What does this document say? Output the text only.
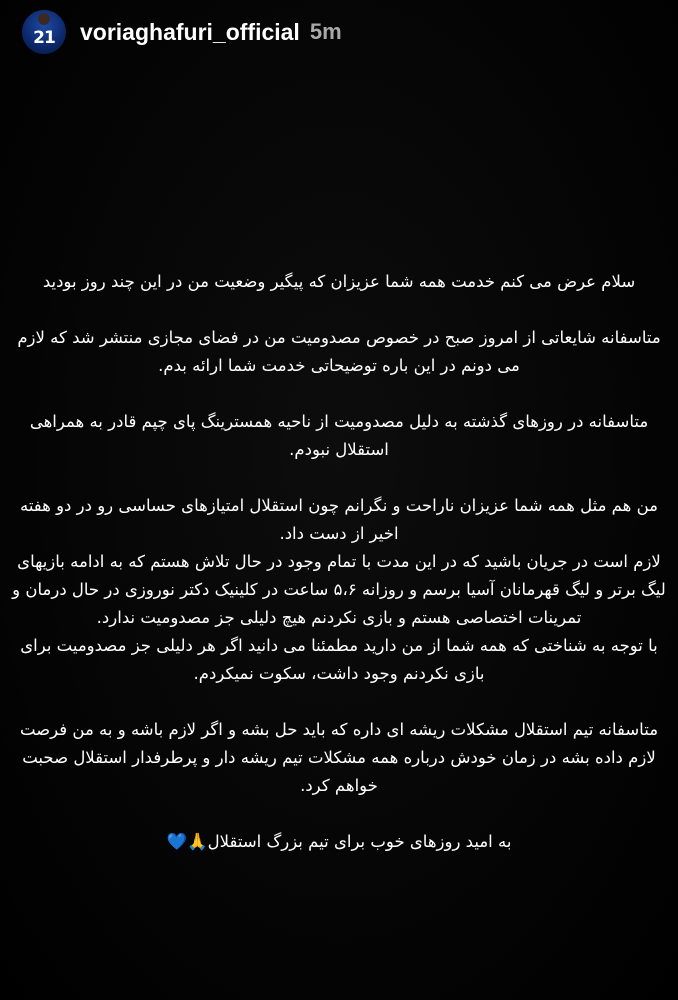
21	voriaghafuri_official 5m

سلام عرض می کنم خدمت همه شما عزیزان که پیگیر وضعیت من در این چند روز بودید

متاسفانه شایعاتی از امروز صبح در خصوص مصدومیت من در فضای مجازی منتشر شد که لازم می دونم در این باره توضیحاتی خدمت شما ارائه بدم.

متاسفانه در روزهای گذشته به دلیل مصدومیت از ناحیه همسترینگ پای چپم قادر به همراهی استقلال نبودم.

من هم مثل همه شما عزیزان ناراحت و نگرانم چون استقلال امتیازهای حساسی رو در دو هفته اخیر از دست داد.

لازم است در جریان باشید که در این مدت با تمام وجود در حال تلاش هستم که به ادامه بازیهای لیگ برتر و لیگ قهرمانان آسیا برسم و روزانه ۵،۶ ساعت در کلینیک دکتر نوروزی در حال درمان و تمرینات اختصاصی هستم و بازی نکردنم هیچ دلیلی جز مصدومیت ندارد.

با توجه به شناختی که همه شما از من دارید مطمئنا می دانید اگر هر دلیلی جز مصدومیت برای بازی نکردنم وجود داشت، سکوت نمیکردم.

متاسفانه تیم استقلال مشکلات ریشه ای داره که باید حل بشه و اگر لازم باشه و به من فرصت لازم داده بشه در زمان خودش درباره همه مشکلات تیم ریشه دار و پرطرفدار استقلال صحبت خواهم کرد.

به امید روزهای خوب برای تیم بزرگ استقلال🙏💙
